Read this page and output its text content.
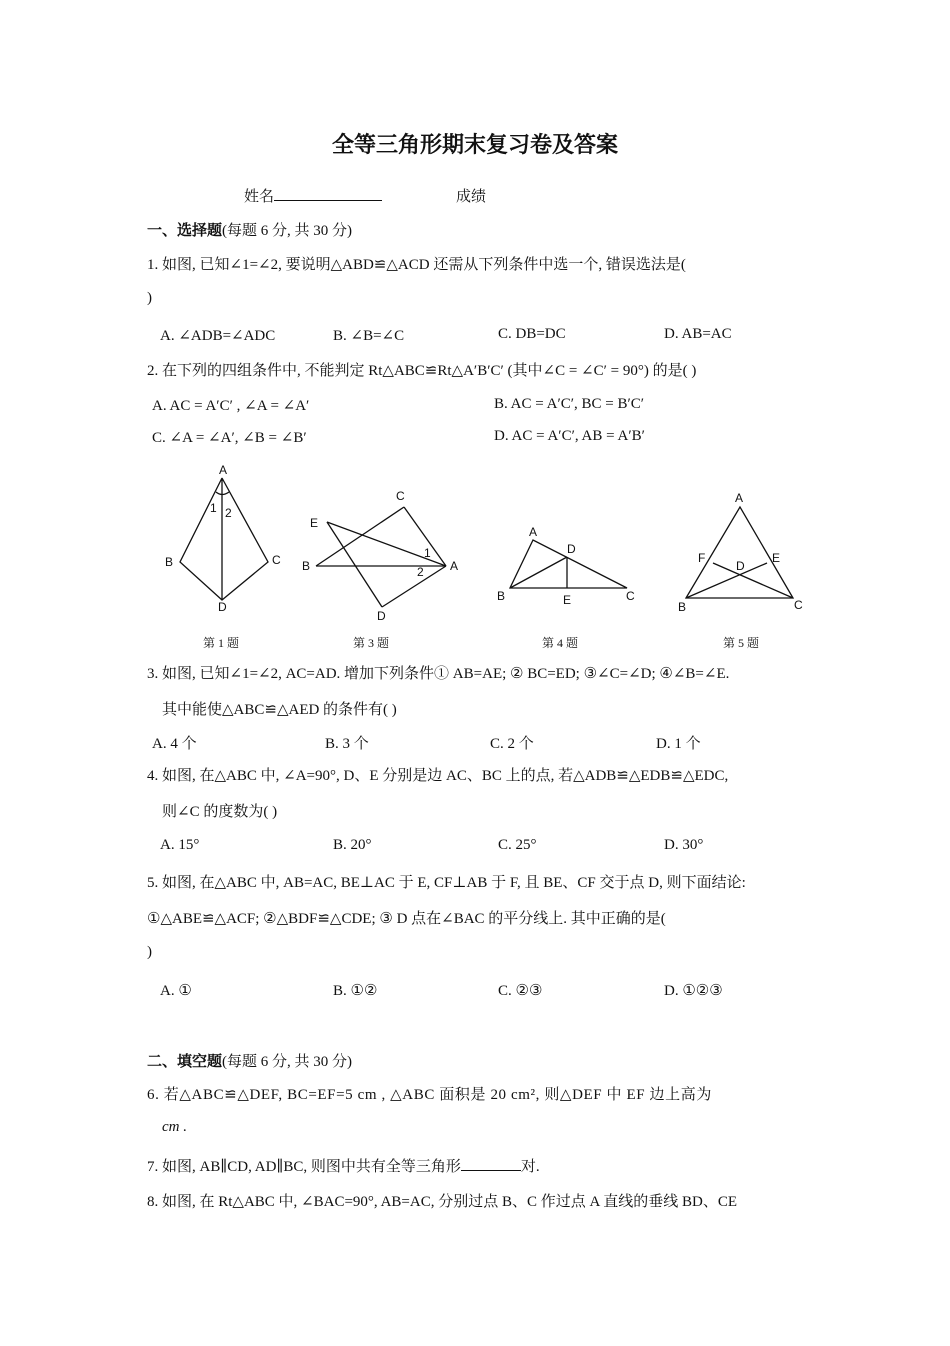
全等三角形期末复习卷及答案
姓名	成绩
一、选择题(每题 6 分, 共 30 分)
1. 如图, 已知∠1=∠2, 要说明△ABD≌△ACD 还需从下列条件中选一个, 错误选法是(
)
A. ∠ADB=∠ADC	B. ∠B=∠C	C. DB=DC	D. AB=AC
2. 在下列的四组条件中, 不能判定 Rt△ABC≌Rt△A′B′C′ (其中∠C = ∠C′ = 90°) 的是( )
A. AC = A′C′ , ∠A = ∠A′	B. AC = A′C′, BC = B′C′
C. ∠A = ∠A′, ∠B = ∠B′	D. AC = A′C′, AB = A′B′
A
1 2
B	C
D
C
E
1
B	2 A
D
A
D
B	E	C
A
F	E
D
B	C
第 1 题	第 3 题	第 4 题	第 5 题
3. 如图, 已知∠1=∠2, AC=AD. 增加下列条件① AB=AE; ② BC=ED; ③∠C=∠D; ④∠B=∠E.
其中能使△ABC≌△AED 的条件有( )
A. 4 个	B. 3 个	C. 2 个	D. 1 个
4. 如图, 在△ABC 中, ∠A=90°, D、E 分别是边 AC、BC 上的点, 若△ADB≌△EDB≌△EDC,
则∠C 的度数为( )
A. 15°	B. 20°	C. 25°	D. 30°
5. 如图, 在△ABC 中, AB=AC, BE⊥AC 于 E, CF⊥AB 于 F, 且 BE、CF 交于点 D, 则下面结论:
①△ABE≌△ACF; ②△BDF≌△CDE; ③ D 点在∠BAC 的平分线上. 其中正确的是(
)
A. ①	B. ①②	C. ②③	D. ①②③
二、填空题(每题 6 分, 共 30 分)
6. 若△ABC≌△DEF, BC=EF=5 cm , △ABC 面积是 20 cm², 则△DEF 中 EF 边上高为
cm .
7. 如图, AB∥CD, AD∥BC, 则图中共有全等三角形	对.
8. 如图, 在 Rt△ABC 中, ∠BAC=90°, AB=AC, 分别过点 B、C 作过点 A 直线的垂线 BD、CE
